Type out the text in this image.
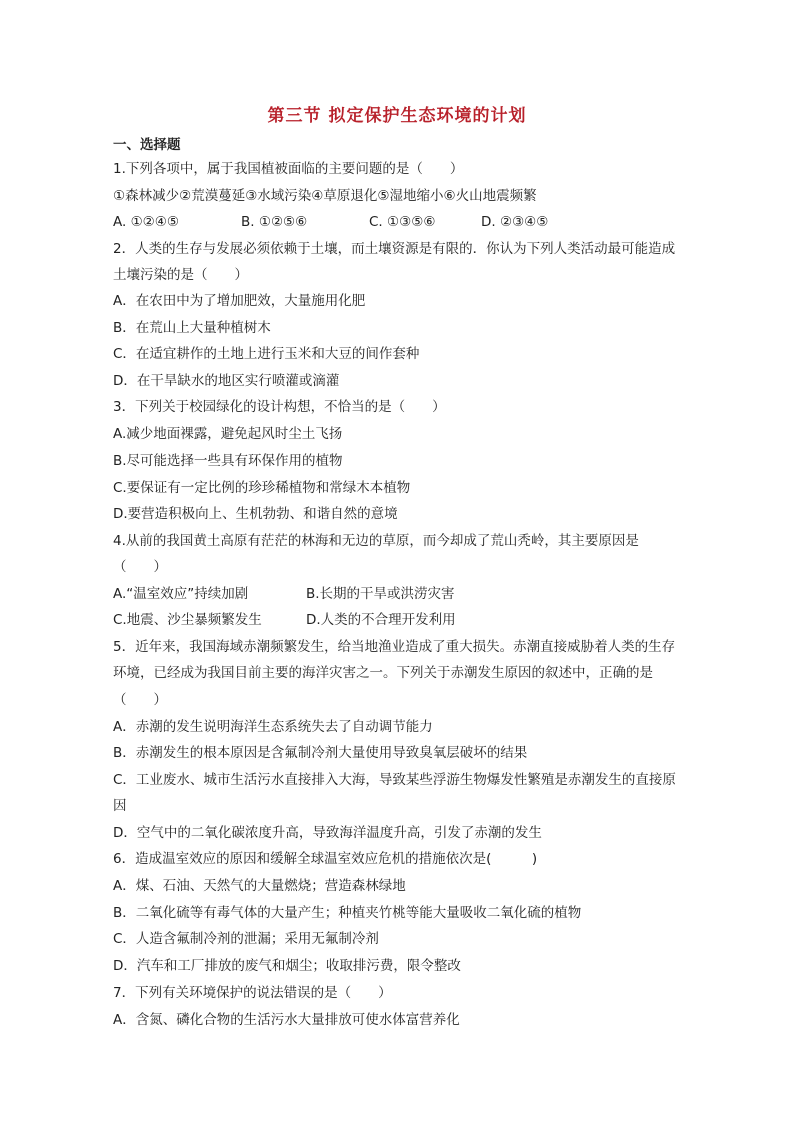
第三节 拟定保护生态环境的计划
一、选择题
1.下列各项中，属于我国植被面临的主要问题的是（　　）
①森林减少②荒漠蔓延③水域污染④草原退化⑤湿地缩小⑥火山地震频繁
A. ①②④⑤	B. ①②⑤⑥	C. ①③⑤⑥	D. ②③④⑤
2．人类的生存与发展必须依赖于土壤，而土壤资源是有限的．你认为下列人类活动最可能造成
土壤污染的是（　　）
A．在农田中为了增加肥效，大量施用化肥
B．在荒山上大量种植树木
C．在适宜耕作的土地上进行玉米和大豆的间作套种
D．在干旱缺水的地区实行喷灌或滴灌
3．下列关于校园绿化的设计构想，不恰当的是（　　）
A.减少地面裸露，避免起风时尘土飞扬
B.尽可能选择一些具有环保作用的植物
C.要保证有一定比例的珍珍稀植物和常绿木本植物
D.要营造积极向上、生机勃勃、和谐自然的意境
4.从前的我国黄土高原有茫茫的林海和无边的草原，而今却成了荒山秃岭，其主要原因是
（　　）
A.“温室效应”持续加剧	B.长期的干旱或洪涝灾害
C.地震、沙尘暴频繁发生	D.人类的不合理开发利用
5．近年来，我国海域赤潮频繁发生，给当地渔业造成了重大损失。赤潮直接威胁着人类的生存
环境，已经成为我国目前主要的海洋灾害之一。下列关于赤潮发生原因的叙述中，正确的是
（　　）
A．赤潮的发生说明海洋生态系统失去了自动调节能力
B．赤潮发生的根本原因是含氟制冷剂大量使用导致臭氧层破坏的结果
C．工业废水、城市生活污水直接排入大海，导致某些浮游生物爆发性繁殖是赤潮发生的直接原
因
D．空气中的二氧化碳浓度升高，导致海洋温度升高，引发了赤潮的发生
6．造成温室效应的原因和缓解全球温室效应危机的措施依次是(　　　)
A．煤、石油、天然气的大量燃烧；营造森林绿地
B．二氧化硫等有毒气体的大量产生；种植夹竹桃等能大量吸收二氧化硫的植物
C．人造含氟制冷剂的泄漏；采用无氟制冷剂
D．汽车和工厂排放的废气和烟尘；收取排污费，限令整改
7．下列有关环境保护的说法错误的是（　　）
A．含氮、磷化合物的生活污水大量排放可使水体富营养化
